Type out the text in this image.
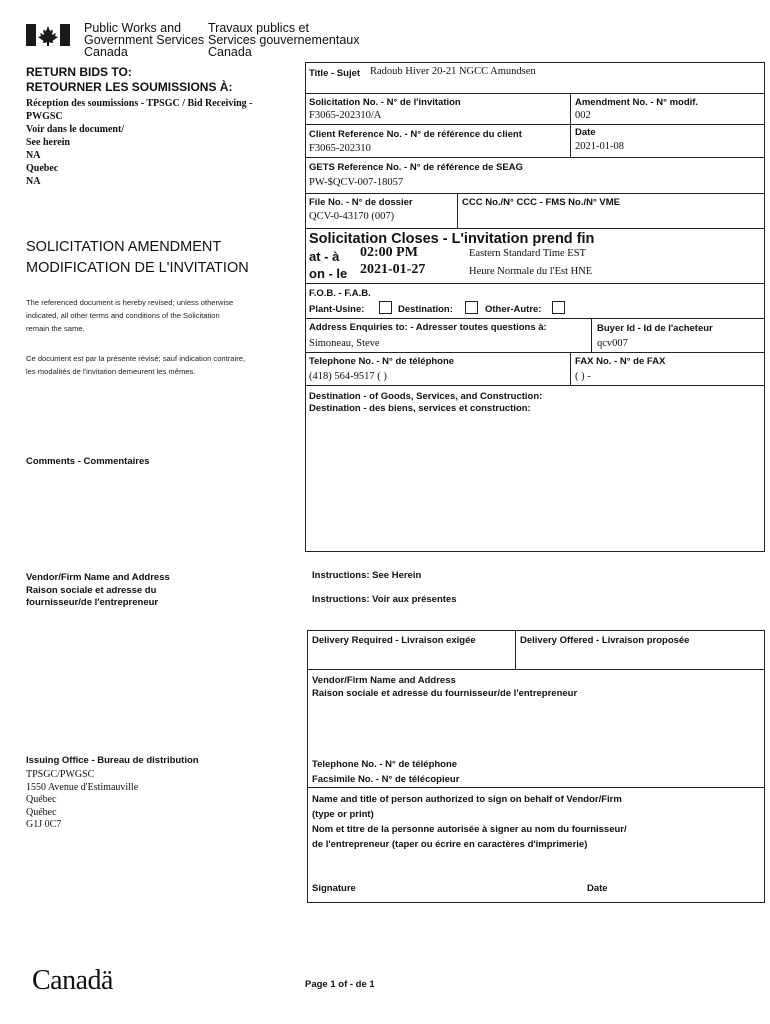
Public Works and
Government Services
Canada
Travaux publics et
Services gouvernementaux
Canada
RETURN BIDS TO:
RETOURNER LES SOUMISSIONS À:
Réception des soumissions - TPSGC / Bid Receiving -
PWGSC
Voir dans le document/
See herein
NA
Quebec
NA
SOLICITATION AMENDMENT
MODIFICATION DE L'INVITATION
The referenced document is hereby revised; unless otherwise
indicated, all other terms and conditions of the Solicitation
remain the same.
Ce document est par la présente révisé; sauf indication contraire,
les modalités de l'invitation demeurent les mêmes.
Comments - Commentaires
Vendor/Firm Name and Address
Raison sociale et adresse du
fournisseur/de l'entrepreneur
Issuing Office - Bureau de distribution
TPSGC/PWGSC
1550 Avenue d'Estimauville
Québec
Québec
G1J 0C7
Title - Sujet Radoub Hiver 20-21 NGCC Amundsen
Solicitation No. - N° de l'invitation
F3065-202310/A
Amendment No. - N° modif.
002
Client Reference No. - N° de référence du client
F3065-202310
Date
2021-01-08
GETS Reference No. - N° de référence de SEAG
PW-$QCV-007-18057
File No. - N° de dossier
QCV-0-43170 (007)
CCC No./N° CCC - FMS No./N° VME
Solicitation Closes - L'invitation prend fin
at - à 02:00 PM	Eastern Standard Time EST
on - le 2021-01-27	Heure Normale du l'Est HNE
F.O.B. - F.A.B.
Plant-Usine:	Destination:	Other-Autre:
Address Enquiries to: - Adresser toutes questions à:
Simoneau, Steve
Buyer Id - Id de l'acheteur
qcv007
Telephone No. - N° de téléphone
(418) 564-9517 ( )
FAX No. - N° de FAX
( ) -
Destination - of Goods, Services, and Construction:
Destination - des biens, services et construction:
Instructions: See Herein
Instructions: Voir aux présentes
Delivery Required - Livraison exigée	Delivery Offered - Livraison proposée
Vendor/Firm Name and Address
Raison sociale et adresse du fournisseur/de l'entrepreneur
Telephone No. - N° de téléphone
Facsimile No. - N° de télécopieur
Name and title of person authorized to sign on behalf of Vendor/Firm
(type or print)
Nom et titre de la personne autorisée à signer au nom du fournisseur/
de l'entrepreneur (taper ou écrire en caractères d'imprimerie)
Signature	Date
Canadä	Page 1 of - de 1
